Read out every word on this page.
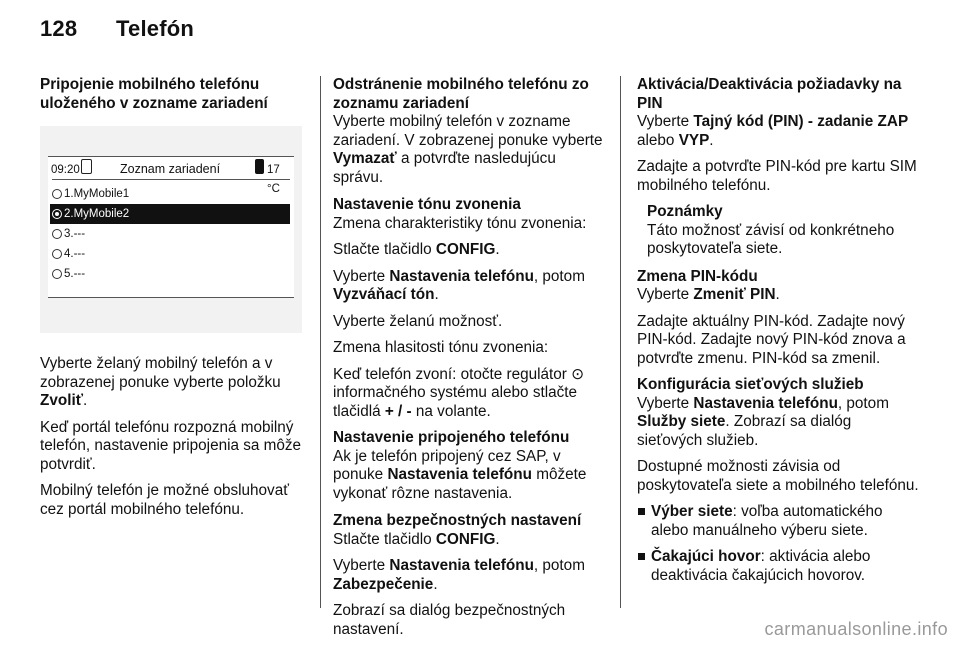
128 Telefón
Pripojenie mobilného telefónu uloženého v zozname zariadení
09:20	Zoznam zariadení	17 °C
1.MyMobile1
2.MyMobile2
3.---
4.---
5.---

Vyberte želaný mobilný telefón a v zobrazenej ponuke vyberte položku Zvoliť.

Keď portál telefónu rozpozná mobilný telefón, nastavenie pripojenia sa môže potvrdiť.

Mobilný telefón je možné obsluhovať cez portál mobilného telefónu.

Odstránenie mobilného telefónu zo zoznamu zariadení
Vyberte mobilný telefón v zozname zariadení. V zobrazenej ponuke vyberte Vymazať a potvrďte nasledujúcu správu.
Nastavenie tónu zvonenia

Zmena charakteristiky tónu zvonenia:

Stlačte tlačidlo CONFIG.

Vyberte Nastavenia telefónu, potom Vyzváňací tón.

Vyberte želanú možnosť.

Zmena hlasitosti tónu zvonenia:

Keď telefón zvoní: otočte regulátor ⊙ informačného systému alebo stlačte tlačidlá + / - na volante.

Nastavenie pripojeného telefónu
Ak je telefón pripojený cez SAP, v ponuke Nastavenia telefónu môžete vykonať rôzne nastavenia.
Zmena bezpečnostných nastavení

Stlačte tlačidlo CONFIG.

Vyberte Nastavenia telefónu, potom Zabezpečenie.

Zobrazí sa dialóg bezpečnostných nastavení.

Aktivácia/Deaktivácia požiadavky na PIN

Vyberte Tajný kód (PIN) - zadanie ZAP alebo VYP.

Zadajte a potvrďte PIN-kód pre kartu SIM mobilného telefónu.

Poznámky
Táto možnosť závisí od konkrétneho poskytovateľa siete.
Zmena PIN-kódu

Vyberte Zmeniť PIN.

Zadajte aktuálny PIN-kód. Zadajte nový PIN-kód. Zadajte nový PIN-kód znova a potvrďte zmenu. PIN-kód sa zmenil.

Konfigurácia sieťových služieb

Vyberte Nastavenia telefónu, potom Služby siete. Zobrazí sa dialóg sieťových služieb.

Dostupné možnosti závisia od poskytovateľa siete a mobilného telefónu.

Výber siete: voľba automatického alebo manuálneho výberu siete.
Čakajúci hovor: aktivácia alebo deaktivácia čakajúcich hovorov.
carmanualsonline.info
